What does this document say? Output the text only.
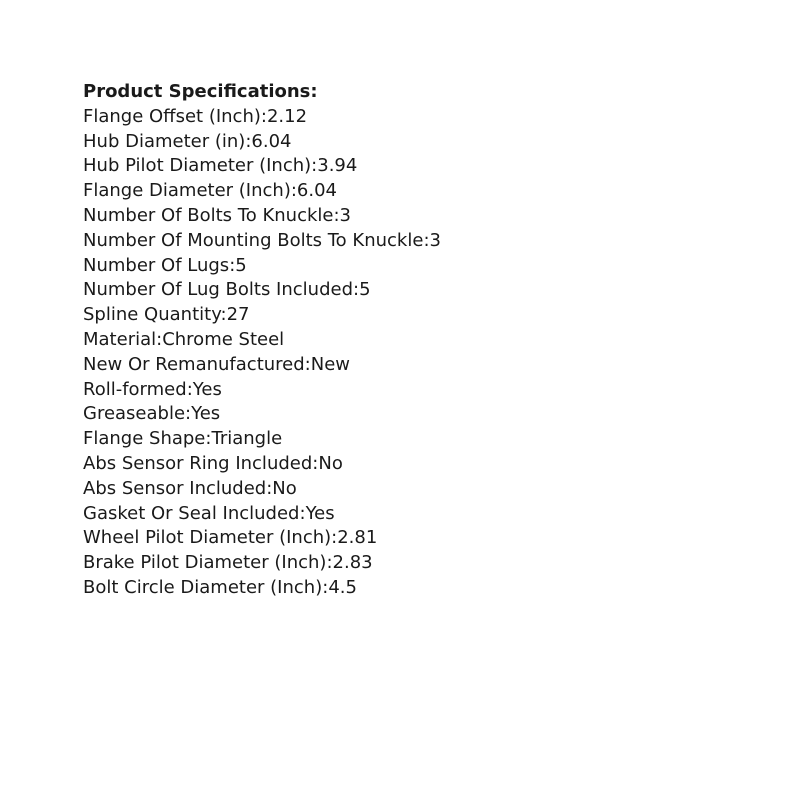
Product Specifications:
Flange Offset (Inch):2.12
Hub Diameter (in):6.04
Hub Pilot Diameter (Inch):3.94
Flange Diameter (Inch):6.04
Number Of Bolts To Knuckle:3
Number Of Mounting Bolts To Knuckle:3
Number Of Lugs:5
Number Of Lug Bolts Included:5
Spline Quantity:27
Material:Chrome Steel
New Or Remanufactured:New
Roll-formed:Yes
Greaseable:Yes
Flange Shape:Triangle
Abs Sensor Ring Included:No
Abs Sensor Included:No
Gasket Or Seal Included:Yes
Wheel Pilot Diameter (Inch):2.81
Brake Pilot Diameter (Inch):2.83
Bolt Circle Diameter (Inch):4.5
